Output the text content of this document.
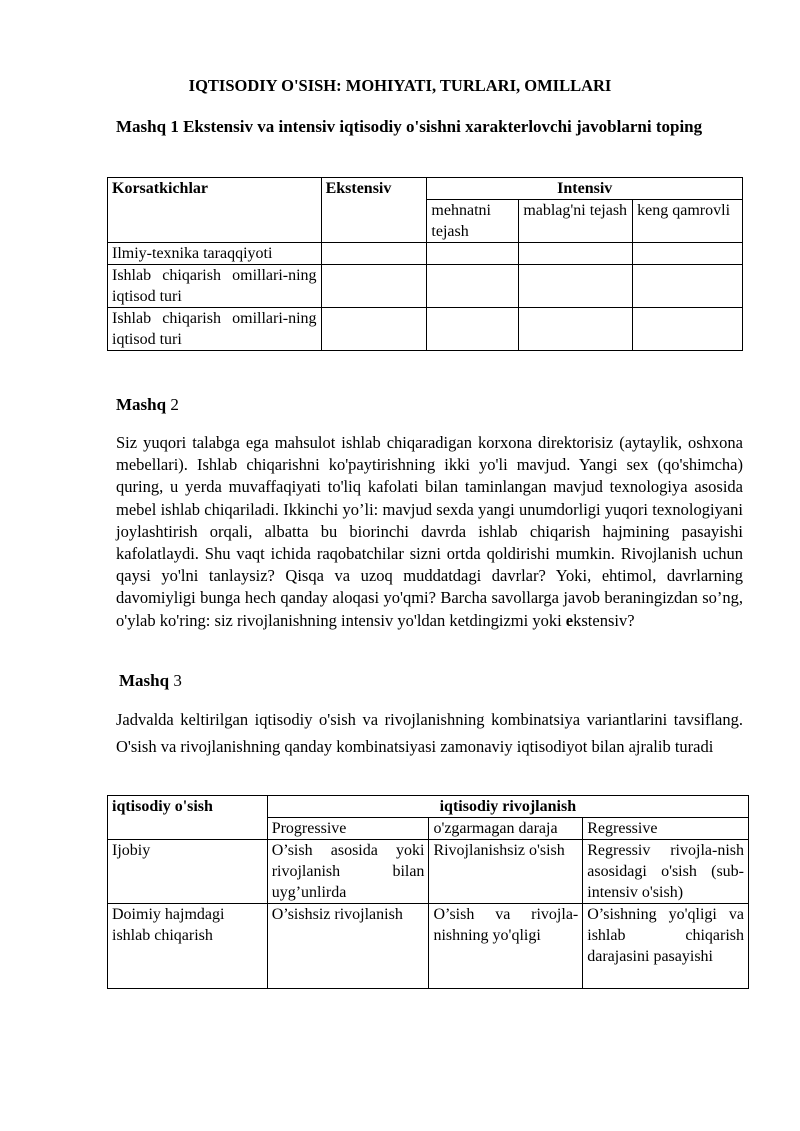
IQTISODIY O'SISH: MOHIYATI, TURLARI, OMILLARI

Mashq 1 Ekstensiv va intensiv iqtisodiy o'sishni xarakterlovchi javoblarni toping

Korsatkichlar	Ekstensiv	Intensiv		
		mehnatni tejash	mablag'ni tejash	keng qamrovli
Ilmiy-texnika taraqqiyoti				
Ishlab chiqarish omillari-ning iqtisod turi				
Ishlab chiqarish omillari-ning iqtisod turi				

Mashq 2

Siz yuqori talabga ega mahsulot ishlab chiqaradigan korxona direktorisiz (aytaylik, oshxona mebellari). Ishlab chiqarishni ko'paytirishning ikki yo'li mavjud. Yangi sex (qo'shimcha) quring, u yerda muvaffaqiyati to'liq kafolati bilan taminlangan mavjud texnologiya asosida mebel ishlab chiqariladi. Ikkinchi yo’li: mavjud sexda yangi unumdorligi yuqori texnologiyani joylashtirish orqali, albatta bu biorinchi davrda ishlab chiqarish hajmining pasayishi kafolatlaydi. Shu vaqt ichida raqobatchilar sizni ortda qoldirishi mumkin. Rivojlanish uchun qaysi yo'lni tanlaysiz? Qisqa va uzoq muddatdagi davrlar? Yoki, ehtimol, davrlarning davomiyligi bunga hech qanday aloqasi yo'qmi? Barcha savollarga javob beraningizdan so’ng, o'ylab ko'ring: siz rivojlanishning intensiv yo'ldan ketdingizmi yoki ekstensiv?

Mashq 3

Jadvalda keltirilgan iqtisodiy o'sish va rivojlanishning kombinatsiya variantlarini tavsiflang. O'sish va rivojlanishning qanday kombinatsiyasi zamonaviy iqtisodiyot bilan ajralib turadi

iqtisodiy o'sish	iqtisodiy rivojlanish		
	Progressive	o'zgarmagan daraja	Regressive
Ijobiy	O’sish asosida yoki rivojlanish bilan uyg’unlirda	Rivojlanishsiz o'sish	Regressiv rivojla-nish asosidagi o'sish (sub-intensiv o'sish)
Doimiy hajmdagi ishlab chiqarish	O’sishsiz rivojlanish	O’sish va rivojla-nishning yo'qligi	O’sishning yo'qligi va ishlab chiqarish darajasini pasayishi
